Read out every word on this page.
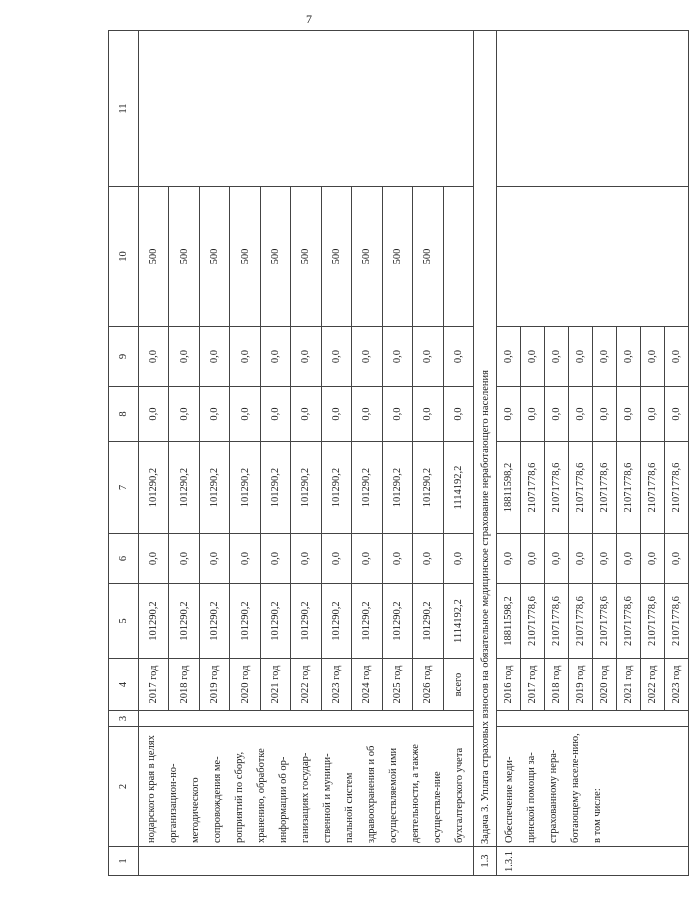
7
1	2	3	4	5	6	7	8	9	10	11
	нодарского края в целях организацион-но-методического сопровождения ме-роприятий по сбору, хранению, обработке информации об ор-ганизациях государ-ственной и муници-пальной систем здравоохранения и об осуществляемой ими деятельности, а также осуществле-ние бухгалтерского учета		2017 год	101290,2	0,0	101290,2	0,0	0,0	500	
			2018 год	101290,2	0,0	101290,2	0,0	0,0	500	
			2019 год	101290,2	0,0	101290,2	0,0	0,0	500	
			2020 год	101290,2	0,0	101290,2	0,0	0,0	500	
			2021 год	101290,2	0,0	101290,2	0,0	0,0	500	
			2022 год	101290,2	0,0	101290,2	0,0	0,0	500	
			2023 год	101290,2	0,0	101290,2	0,0	0,0	500	
			2024 год	101290,2	0,0	101290,2	0,0	0,0	500	
			2025 год	101290,2	0,0	101290,2	0,0	0,0	500	
			2026 год	101290,2	0,0	101290,2	0,0	0,0	500	
			всего	1114192,2	0,0	1114192,2	0,0	0,0		
1.3	Задача 3. Уплата страховых взносов на обязательное медицинское страхование неработающего населения									
1.3.1	Обеспечение меди-цинской помощи за-страхованному нера-ботающему населе-нию, в том числе:		2016 год	18811598,2	0,0	18811598,2	0,0	0,0		
			2017 год	21071778,6	0,0	21071778,6	0,0	0,0		
			2018 год	21071778,6	0,0	21071778,6	0,0	0,0		
			2019 год	21071778,6	0,0	21071778,6	0,0	0,0		
			2020 год	21071778,6	0,0	21071778,6	0,0	0,0		
			2021 год	21071778,6	0,0	21071778,6	0,0	0,0		
			2022 год	21071778,6	0,0	21071778,6	0,0	0,0		
			2023 год	21071778,6	0,0	21071778,6	0,0	0,0		
